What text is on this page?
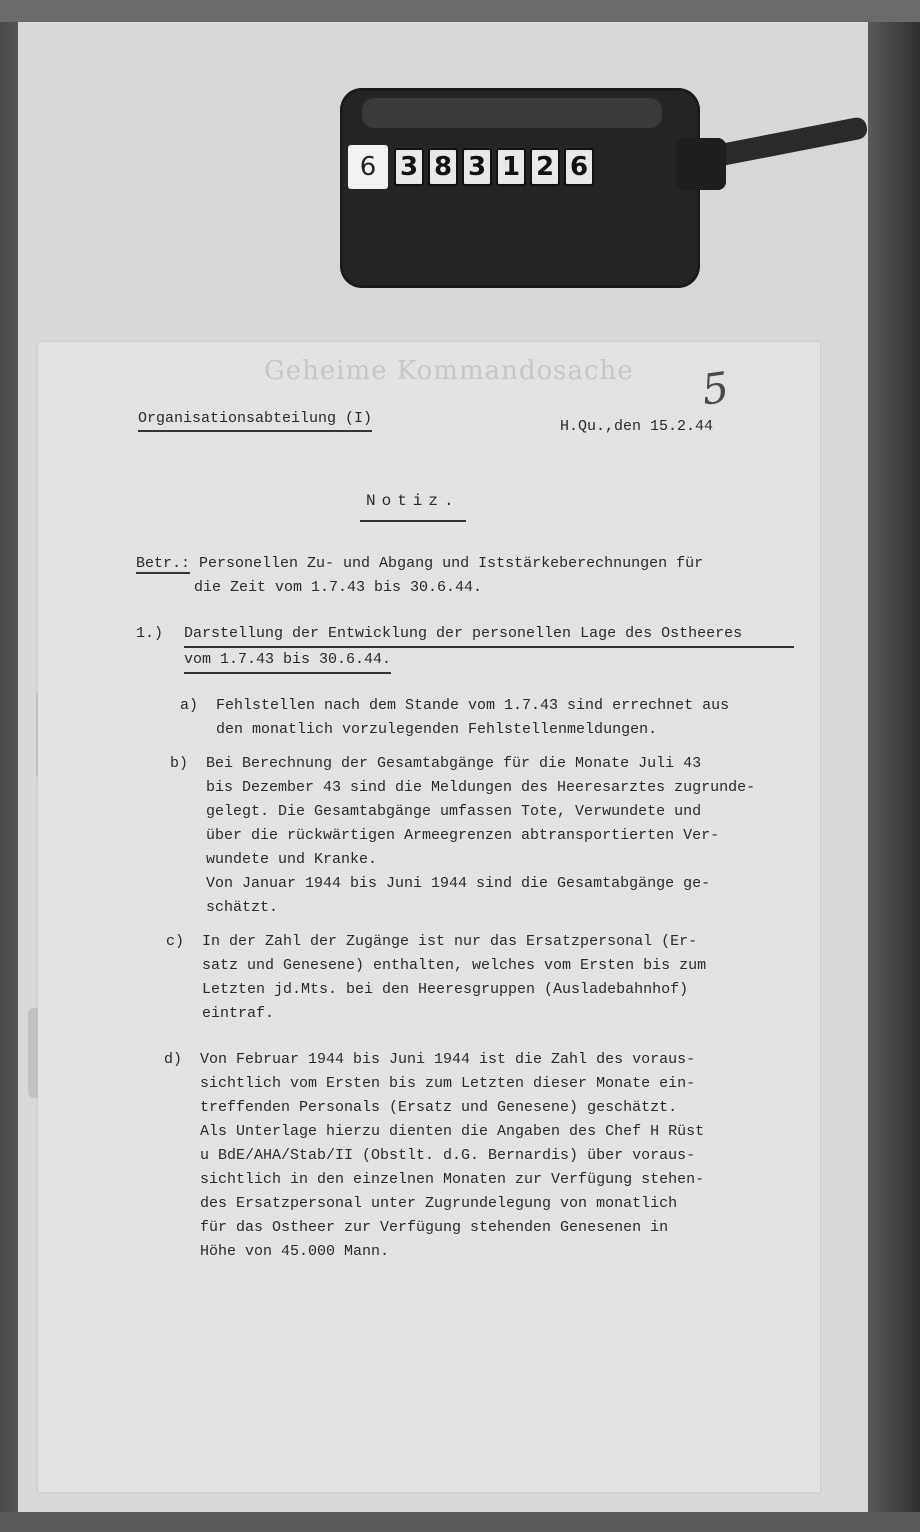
6 3 8 3 1 2 6
Geheime Kommandosache 5
Organisationsabteilung (I)	H.Qu.,den 15.2.44
Notiz.
Betr.: Personellen Zu- und Abgang und Iststärkeberechnungen für
die Zeit vom 1.7.43 bis 30.6.44.
1.) Darstellung der Entwicklung der personellen Lage des Ostheeres
vom 1.7.43 bis 30.6.44.
a) Fehlstellen nach dem Stande vom 1.7.43 sind errechnet aus
den monatlich vorzulegenden Fehlstellenmeldungen.
b) Bei Berechnung der Gesamtabgänge für die Monate Juli 43
bis Dezember 43 sind die Meldungen des Heeresarztes zugrunde-
gelegt. Die Gesamtabgänge umfassen Tote, Verwundete und
über die rückwärtigen Armeegrenzen abtransportierten Ver-
wundete und Kranke.
Von Januar 1944 bis Juni 1944 sind die Gesamtabgänge ge-
schätzt.
c) In der Zahl der Zugänge ist nur das Ersatzpersonal (Er-
satz und Genesene) enthalten, welches vom Ersten bis zum
Letzten jd.Mts. bei den Heeresgruppen (Ausladebahnhof)
eintraf.
d) Von Februar 1944 bis Juni 1944 ist die Zahl des voraus-
sichtlich vom Ersten bis zum Letzten dieser Monate ein-
treffenden Personals (Ersatz und Genesene) geschätzt.
Als Unterlage hierzu dienten die Angaben des Chef H Rüst
u BdE/AHA/Stab/II (Obstlt. d.G. Bernardis) über voraus-
sichtlich in den einzelnen Monaten zur Verfügung stehen-
des Ersatzpersonal unter Zugrundelegung von monatlich
für das Ostheer zur Verfügung stehenden Genesenen in
Höhe von 45.000 Mann.
